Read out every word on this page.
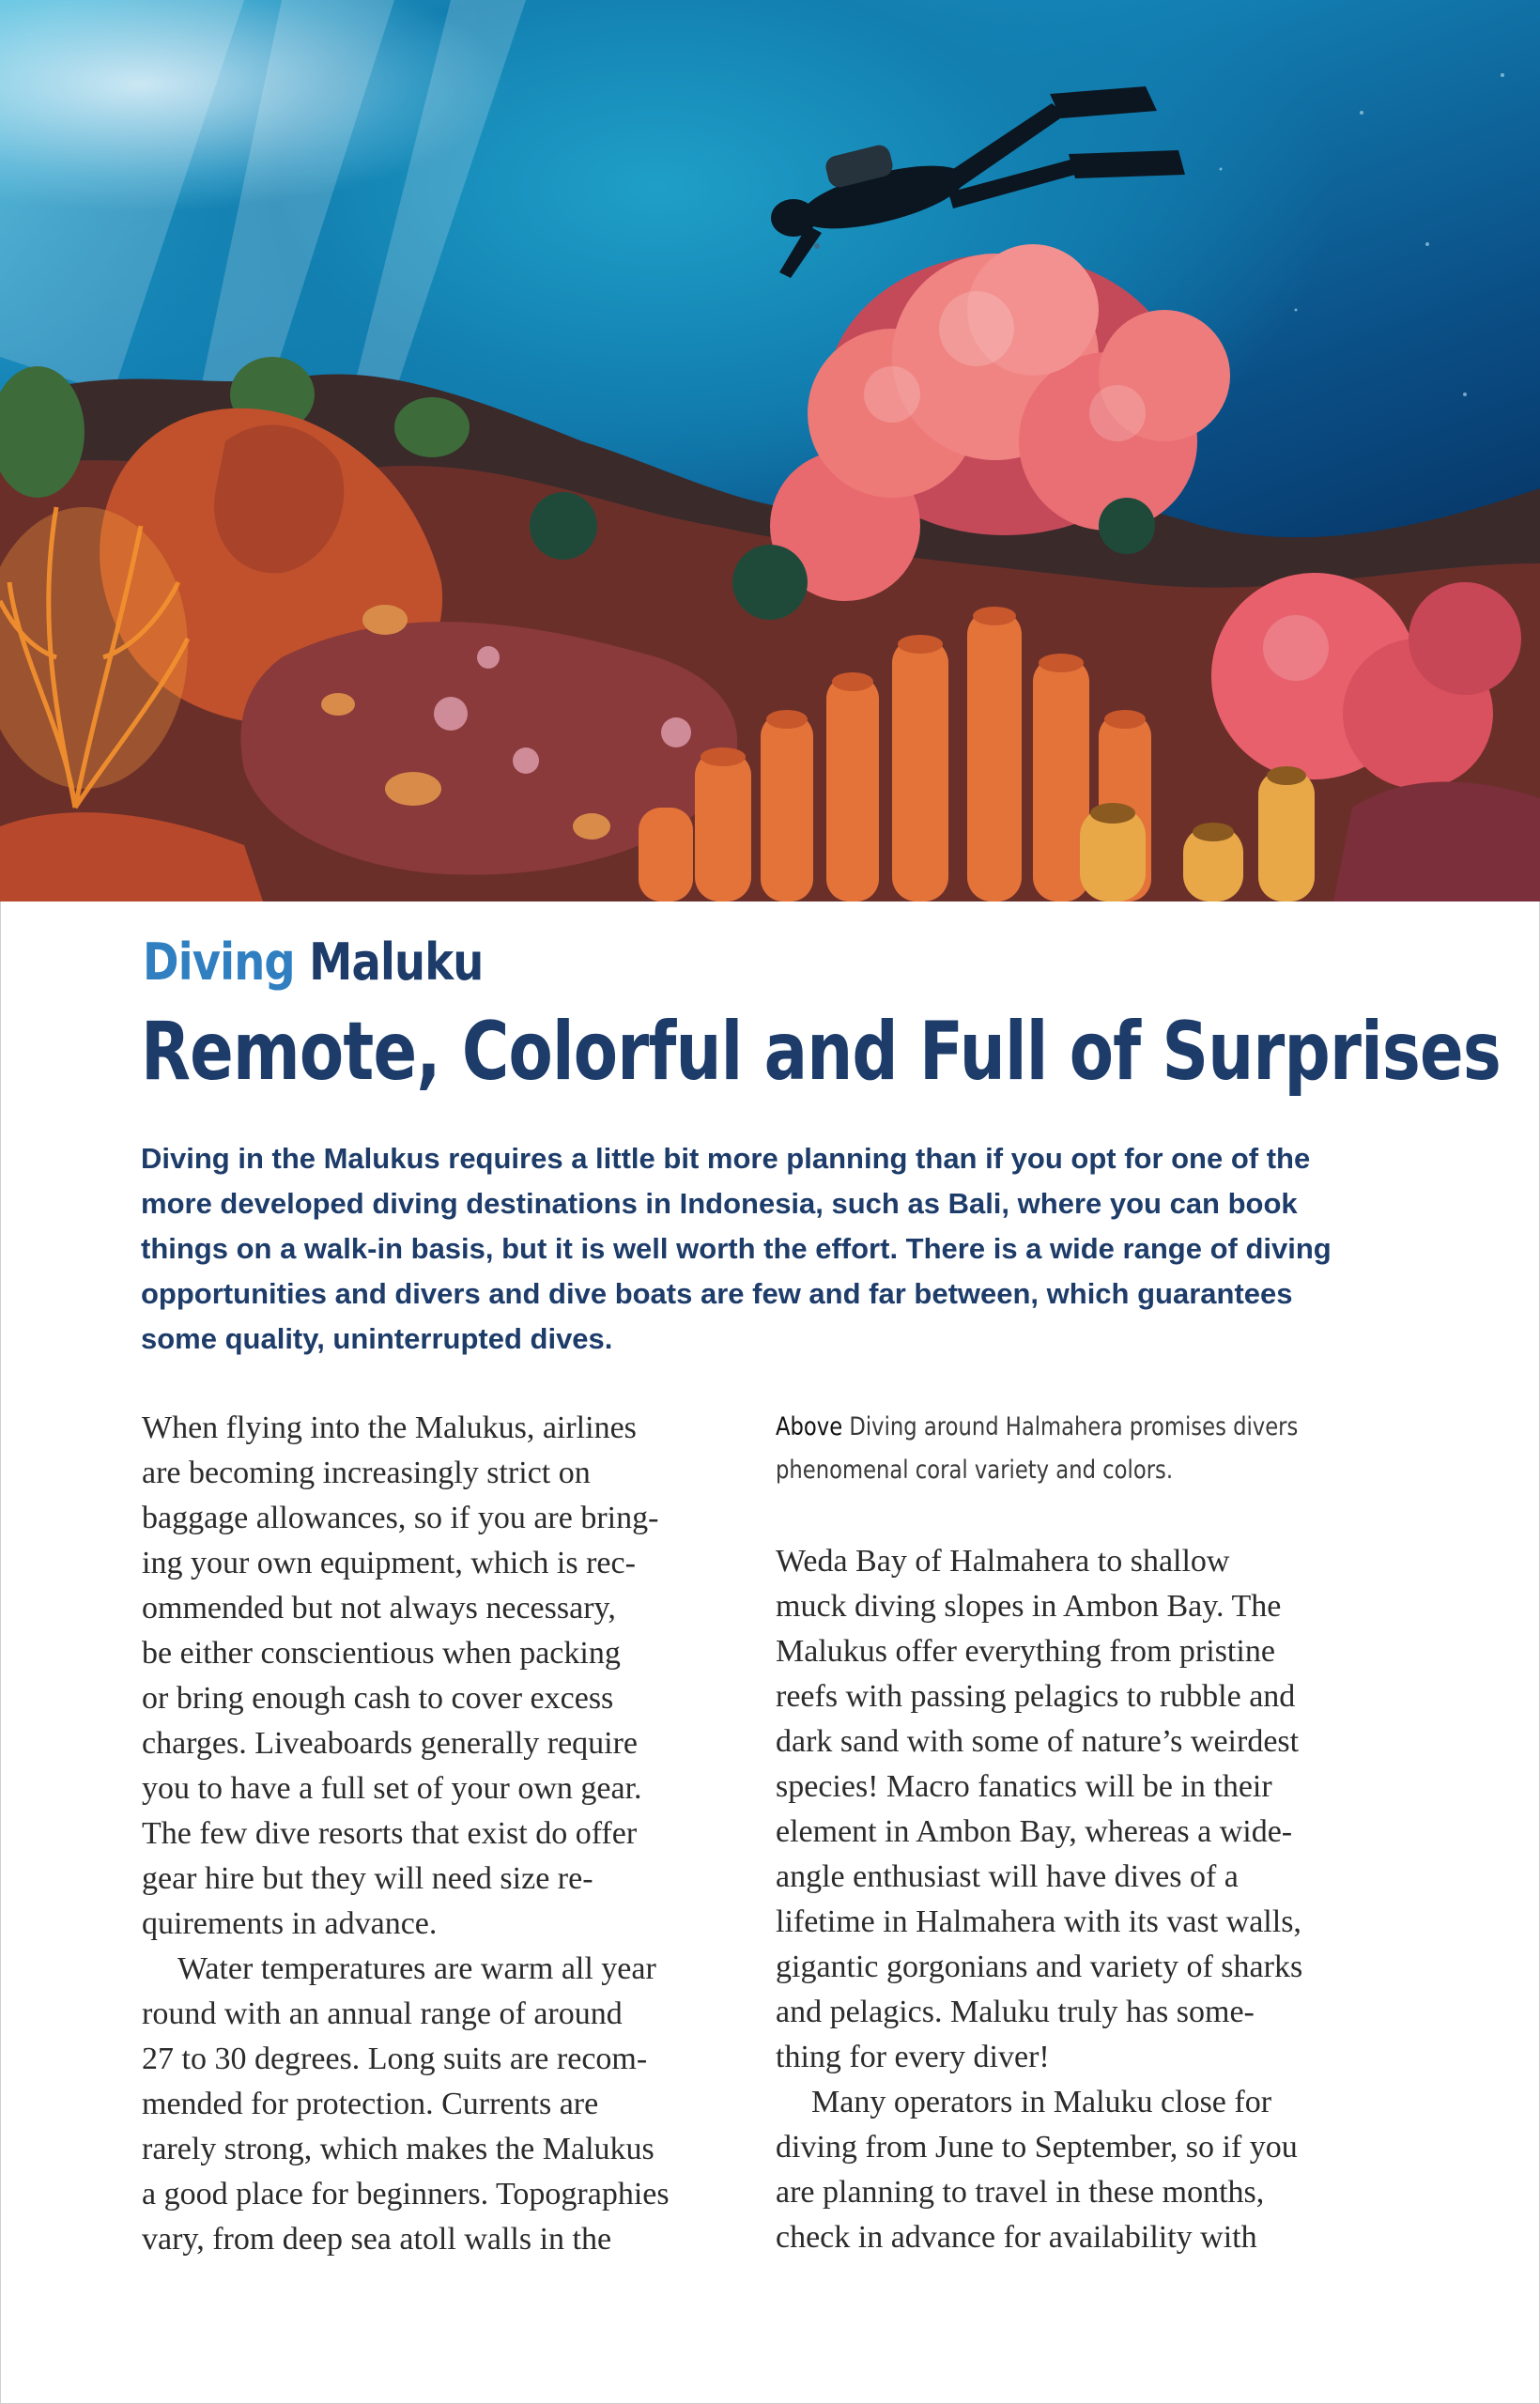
Diving Maluku
Remote, Colorful and Full of Surprises
Diving in the Malukus requires a little bit more planning than if you opt for one of the
more developed diving destinations in Indonesia, such as Bali, where you can book
things on a walk-in basis, but it is well worth the effort. There is a wide range of diving
opportunities and divers and dive boats are few and far between, which guarantees
some quality, uninterrupted dives.
When flying into the Malukus, airlines
are becoming increasingly strict on
baggage allowances, so if you are bring-
ing your own equipment, which is rec-
ommended but not always necessary,
be either conscientious when packing
or bring enough cash to cover excess
charges. Liveaboards generally require
you to have a full set of your own gear.
The few dive resorts that exist do offer
gear hire but they will need size re-
quirements in advance.
Water temperatures are warm all year
round with an annual range of around
27 to 30 degrees. Long suits are recom-
mended for protection. Currents are
rarely strong, which makes the Malukus
a good place for beginners. Topographies
vary, from deep sea atoll walls in the
Above Diving around Halmahera promises divers
phenomenal coral variety and colors.
Weda Bay of Halmahera to shallow
muck diving slopes in Ambon Bay. The
Malukus offer everything from pristine
reefs with passing pelagics to rubble and
dark sand with some of nature’s weirdest
species! Macro fanatics will be in their
element in Ambon Bay, whereas a wide-
angle enthusiast will have dives of a
lifetime in Halmahera with its vast walls,
gigantic gorgonians and variety of sharks
and pelagics. Maluku truly has some-
thing for every diver!
Many operators in Maluku close for
diving from June to September, so if you
are planning to travel in these months,
check in advance for availability with
